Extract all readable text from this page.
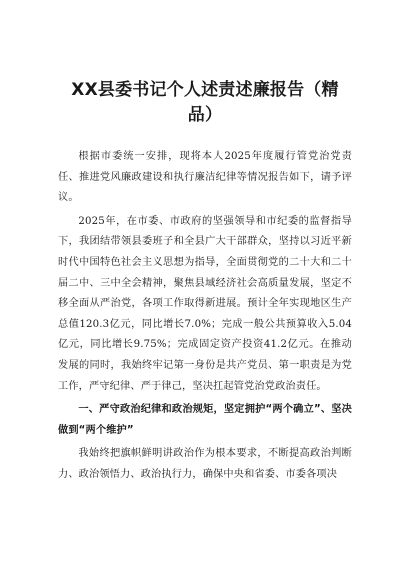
XX县委书记个人述责述廉报告（精品）

根据市委统一安排，现将本人2025年度履行管党治党责任、推进党风廉政建设和执行廉洁纪律等情况报告如下，请予评议。

2025年，在市委、市政府的坚强领导和市纪委的监督指导下，我团结带领县委班子和全县广大干部群众，坚持以习近平新时代中国特色社会主义思想为指导，全面贯彻党的二十大和二十届二中、三中全会精神，聚焦县域经济社会高质量发展，坚定不移全面从严治党，各项工作取得新进展。预计全年实现地区生产总值120.3亿元，同比增长7.0%；完成一般公共预算收入5.04亿元，同比增长9.75%；完成固定资产投资41.2亿元。在推动发展的同时，我始终牢记第一身份是共产党员、第一职责是为党工作，严守纪律、严于律己，坚决扛起管党治党政治责任。

一、严守政治纪律和政治规矩，坚定拥护“两个确立”、坚决做到“两个维护”

我始终把旗帜鲜明讲政治作为根本要求，不断提高政治判断力、政治领悟力、政治执行力，确保中央和省委、市委各项决
